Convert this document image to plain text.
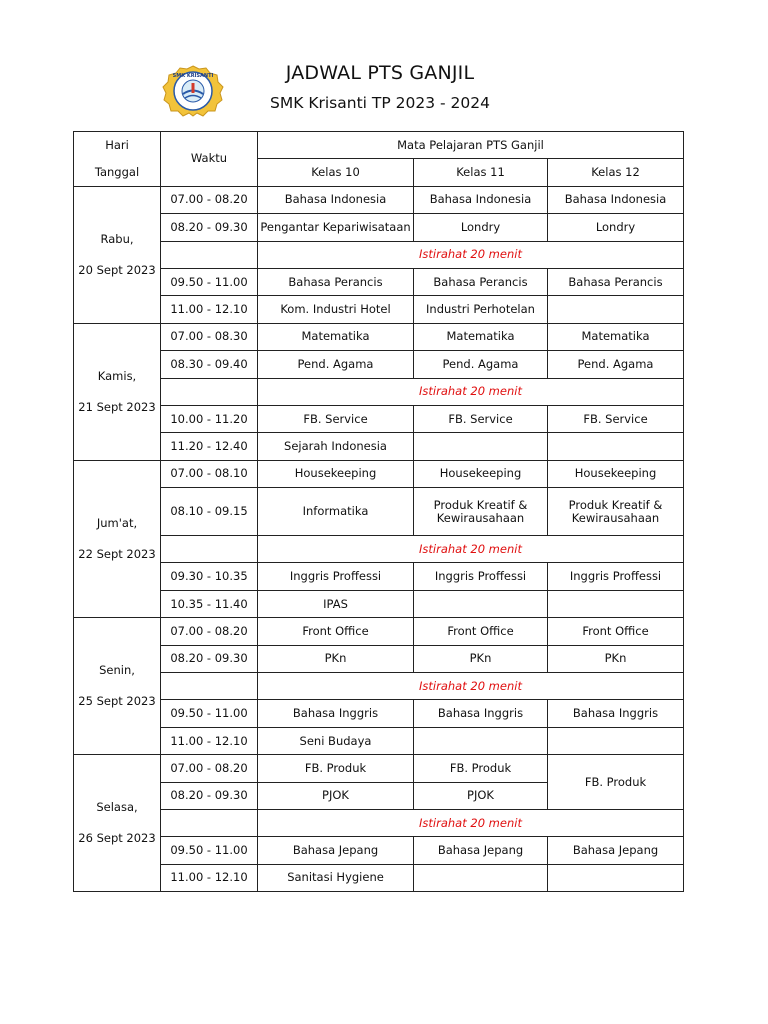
SMK KRISANTI	JADWAL PTS GANJIL
SMK Krisanti TP 2023 - 2024
Hari	Waktu	Mata Pelajaran PTS Ganjil		
Tanggal		Kelas 10	Kelas 11	Kelas 12

Rabu,
20 Sept 2023	07.00 - 08.20	Bahasa Indonesia	Bahasa Indonesia	Bahasa Indonesia
	08.20 - 09.30	Pengantar Kepariwisataan	Londry	Londry
		Istirahat 20 menit		
	09.50 - 11.00	Bahasa Perancis	Bahasa Perancis	Bahasa Perancis
	11.00 - 12.10	Kom. Industri Hotel	Industri Perhotelan	

Kamis,
21 Sept 2023	07.00 - 08.30	Matematika	Matematika	Matematika
	08.30 - 09.40	Pend. Agama	Pend. Agama	Pend. Agama
		Istirahat 20 menit		
	10.00 - 11.20	FB. Service	FB. Service	FB. Service
	11.20 - 12.40	Sejarah Indonesia		

Jum'at,
22 Sept 2023	07.00 - 08.10	Housekeeping	Housekeeping	Housekeeping
	08.10 - 09.15	Informatika	Produk Kreatif & Kewirausahaan	Produk Kreatif & Kewirausahaan
		Istirahat 20 menit		
	09.30 - 10.35	Inggris Proffessi	Inggris Proffessi	Inggris Proffessi
	10.35 - 11.40	IPAS		

Senin,
25 Sept 2023	07.00 - 08.20	Front Office	Front Office	Front Office
	08.20 - 09.30	PKn	PKn	PKn
		Istirahat 20 menit		
	09.50 - 11.00	Bahasa Inggris	Bahasa Inggris	Bahasa Inggris
	11.00 - 12.10	Seni Budaya		

Selasa,
26 Sept 2023	07.00 - 08.20	FB. Produk	FB. Produk	FB. Produk
	08.20 - 09.30	PJOK	PJOK	
		Istirahat 20 menit		
	09.50 - 11.00	Bahasa Jepang	Bahasa Jepang	Bahasa Jepang
	11.00 - 12.10	Sanitasi Hygiene		
